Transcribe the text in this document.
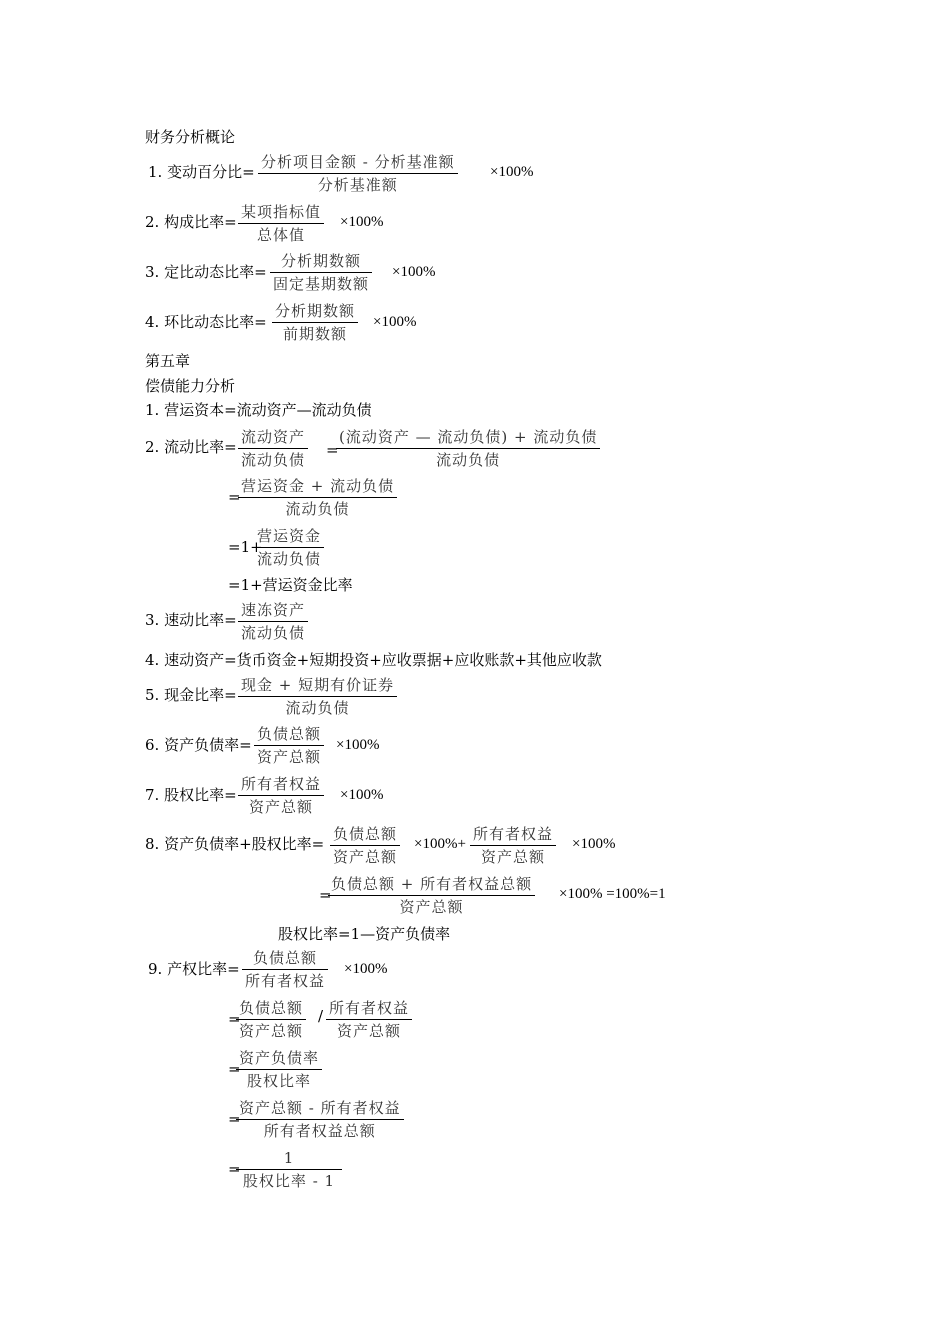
财务分析概论
1. 变动百分比=
分析项目金额 - 分析基准额
分析基准额
×100%
2. 构成比率=
某项指标值
总体值
×100%
3. 定比动态比率=
分析期数额
固定基期数额
×100%
4. 环比动态比率=
分析期数额
前期数额
×100%
第五章
偿债能力分析
1. 营运资本=流动资产—流动负债
2. 流动比率=
流动资产
流动负债
=
(流动资产 — 流动负债) + 流动负债
流动负债
=
营运资金 + 流动负债
流动负债
=1+
营运资金
流动负债
=1+营运资金比率
3. 速动比率=
速冻资产
流动负债
4. 速动资产=货币资金+短期投资+应收票据+应收账款+其他应收款
5. 现金比率=
现金 + 短期有价证券
流动负债
6. 资产负债率=
负债总额
资产总额
×100%
7. 股权比率=
所有者权益
资产总额
×100%
8. 资产负债率+股权比率=
负债总额
资产总额
×100%+
所有者权益
资产总额
×100%
=
负债总额 + 所有者权益总额
资产总额
×100% =100%=1
股权比率=1—资产负债率
9. 产权比率=
负债总额
所有者权益
×100%
=
负债总额
资产总额
/ 所有者权益
资产总额
=
资产负债率
股权比率
=
资产总额 - 所有者权益
所有者权益总额
=
1
股权比率 - 1
